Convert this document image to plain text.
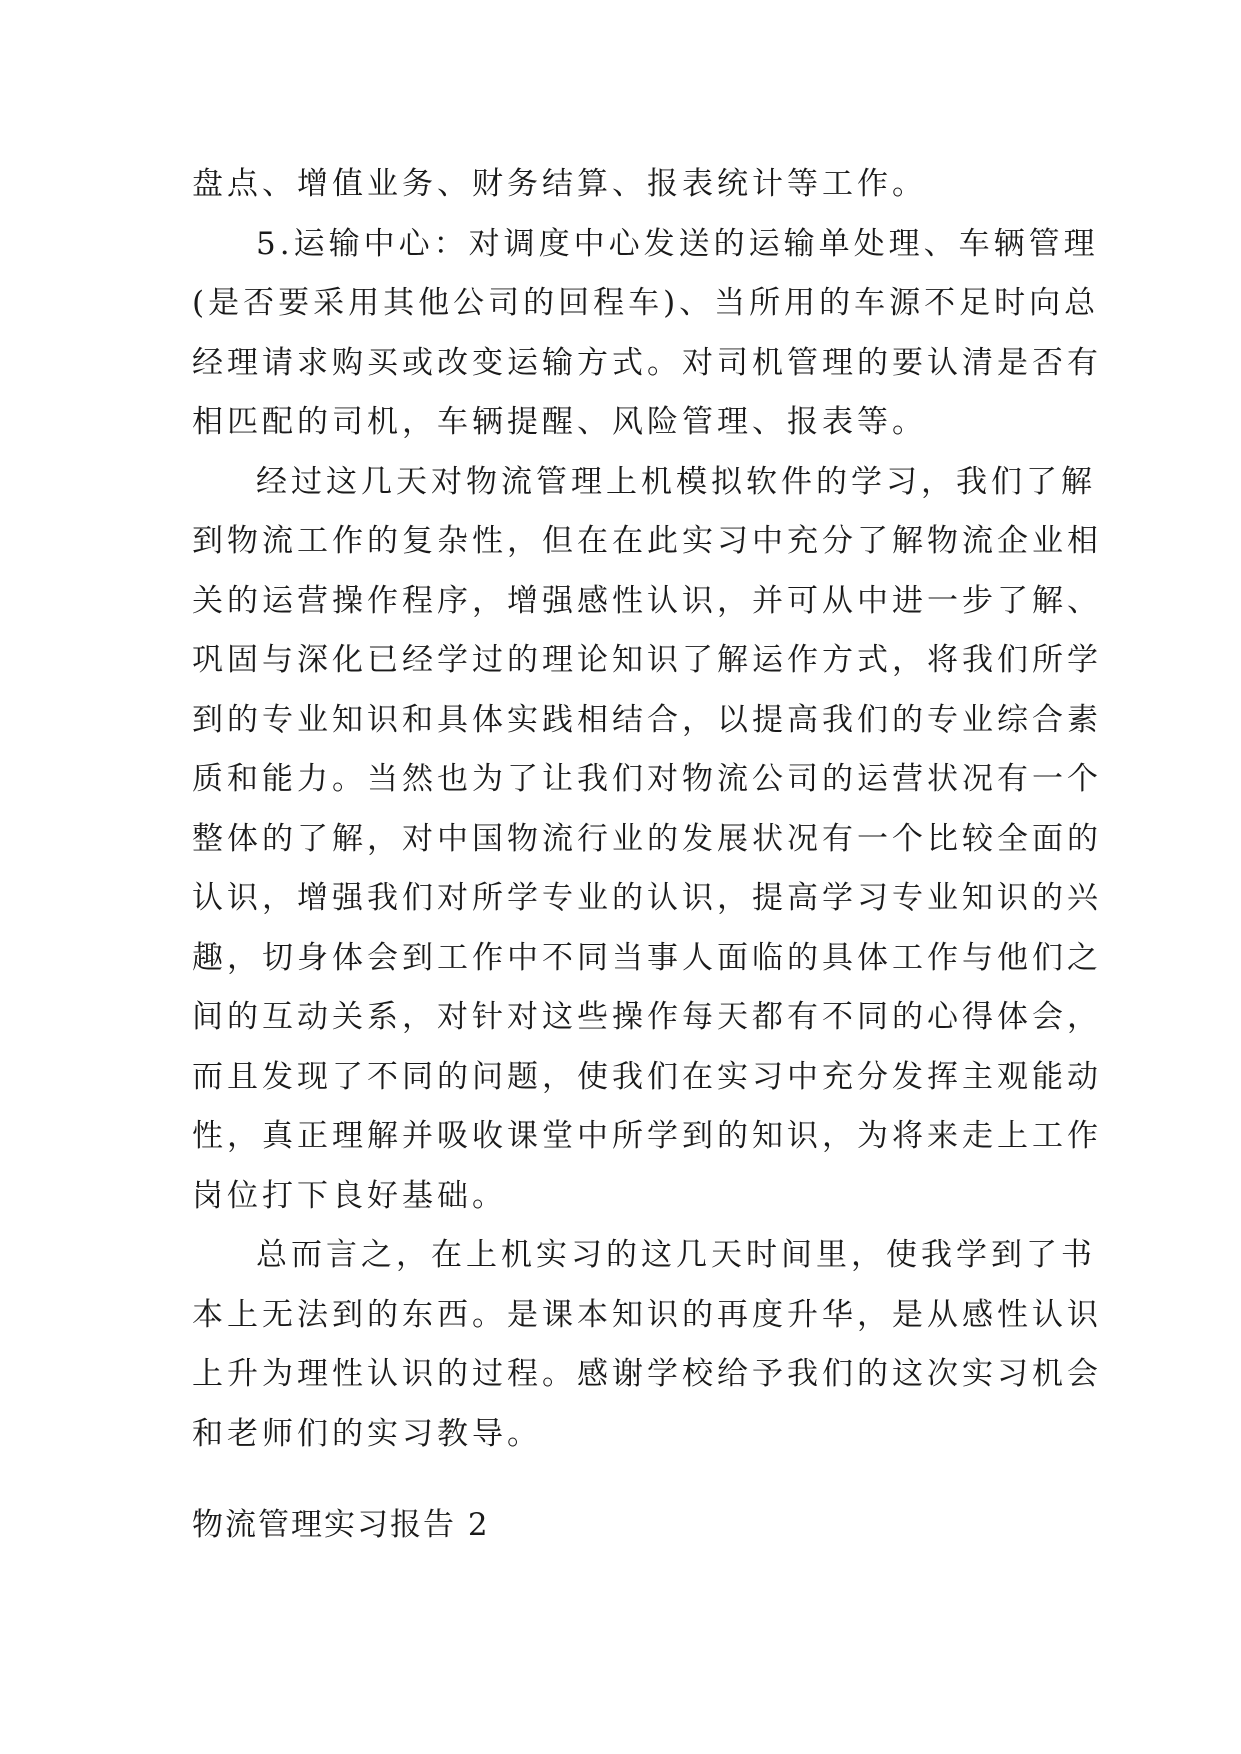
盘点、增值业务、财务结算、报表统计等工作。
5.运输中心：对调度中心发送的运输单处理、车辆管理
(是否要采用其他公司的回程车)、当所用的车源不足时向总
经理请求购买或改变运输方式。对司机管理的要认清是否有
相匹配的司机，车辆提醒、风险管理、报表等。
经过这几天对物流管理上机模拟软件的学习，我们了解
到物流工作的复杂性，但在在此实习中充分了解物流企业相
关的运营操作程序，增强感性认识，并可从中进一步了解、
巩固与深化已经学过的理论知识了解运作方式，将我们所学
到的专业知识和具体实践相结合，以提高我们的专业综合素
质和能力。当然也为了让我们对物流公司的运营状况有一个
整体的了解，对中国物流行业的发展状况有一个比较全面的
认识，增强我们对所学专业的认识，提高学习专业知识的兴
趣，切身体会到工作中不同当事人面临的具体工作与他们之
间的互动关系，对针对这些操作每天都有不同的心得体会，
而且发现了不同的问题，使我们在实习中充分发挥主观能动
性，真正理解并吸收课堂中所学到的知识，为将来走上工作
岗位打下良好基础。
总而言之，在上机实习的这几天时间里，使我学到了书
本上无法到的东西。是课本知识的再度升华，是从感性认识
上升为理性认识的过程。感谢学校给予我们的这次实习机会
和老师们的实习教导。
物流管理实习报告 2
